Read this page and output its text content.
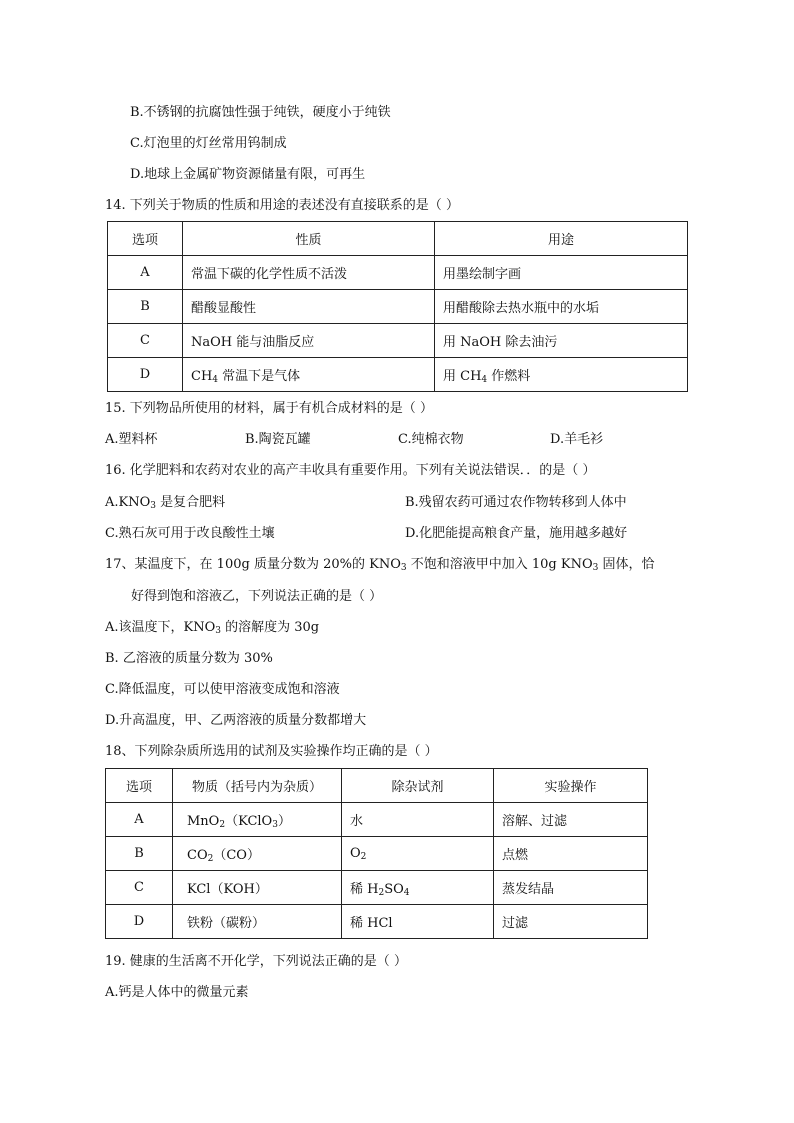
B.不锈钢的抗腐蚀性强于纯铁，硬度小于纯铁
C.灯泡里的灯丝常用钨制成
D.地球上金属矿物资源储量有限，可再生
14. 下列关于物质的性质和用途的表述没有直接联系的是（ ）
选项	性质	用途
A	常温下碳的化学性质不活泼	用墨绘制字画
B	醋酸显酸性	用醋酸除去热水瓶中的水垢
C	NaOH 能与油脂反应	用 NaOH 除去油污
D	$CH_4$ 常温下是气体	用 $CH_4$ 作燃料
15. 下列物品所使用的材料，属于有机合成材料的是（ ）
A.塑料杯	B.陶瓷瓦罐	C.纯棉衣物	D.羊毛衫
16. 化学肥料和农药对农业的高产丰收具有重要作用。下列有关说法错误．．的是（ ）
$A.KNO_3$ 是复合肥料	B.残留农药可通过农作物转移到人体中
C.熟石灰可用于改良酸性土壤	D.化肥能提高粮食产量，施用越多越好
17、某温度下，在 100g 质量分数为 20%的 $KNO_3$ 不饱和溶液甲中加入 10g $KNO_3$ 固体，恰
好得到饱和溶液乙，下列说法正确的是（ ）
A.该温度下，$KNO_3$ 的溶解度为 30g
B. 乙溶液的质量分数为 30%
C.降低温度，可以使甲溶液变成饱和溶液
D.升高温度，甲、乙两溶液的质量分数都增大
18、下列除杂质所选用的试剂及实验操作均正确的是（ ）
选项	物质（括号内为杂质）	除杂试剂	实验操作
A	MnO$_2$（KClO$_3$）	水	溶解、过滤
B	$CO_2(CO)$	$O_2$	点燃
C	KCl（KOH）	稀 $H_2SO_4$	蒸发结晶
D	铁粉（碳粉）	稀 HCl	过滤
19. 健康的生活离不开化学，下列说法正确的是（ ）
A.钙是人体中的微量元素
